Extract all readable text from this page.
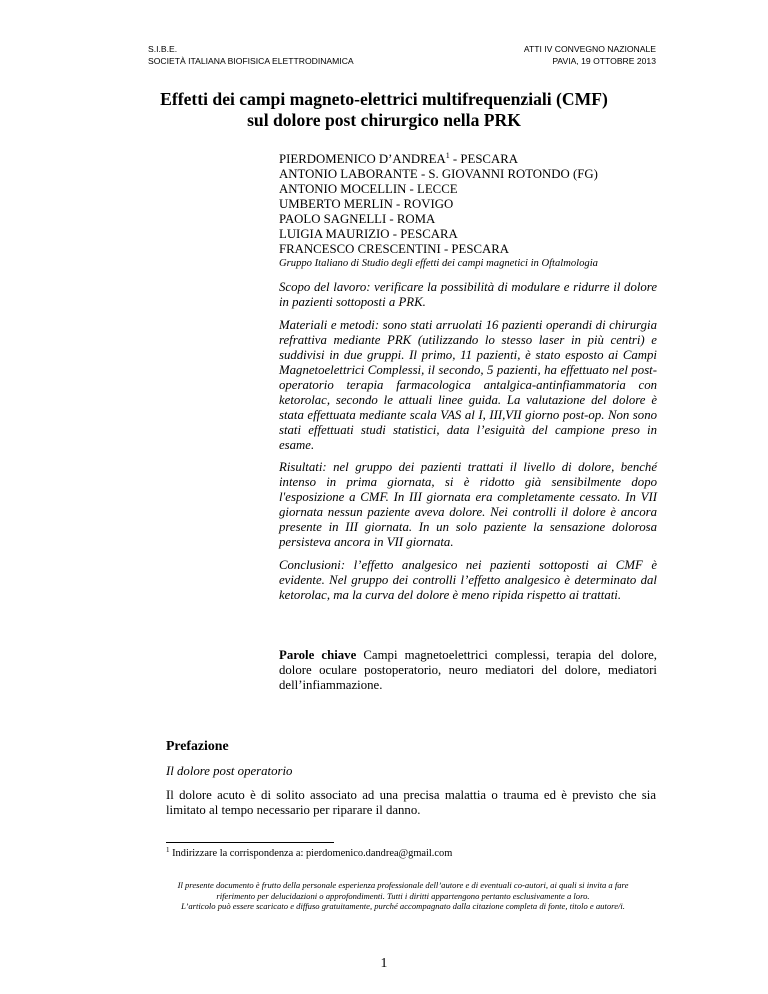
S.I.B.E.
SOCIETÀ ITALIANA BIOFISICA ELETTRODINAMICA
ATTI IV CONVEGNO NAZIONALE
PAVIA, 19 OTTOBRE 2013
Effetti dei campi magneto-elettrici multifrequenziali (CMF)
sul dolore post chirurgico nella PRK
PIERDOMENICO D’ANDREA$^1$ - PESCARA
ANTONIO LABORANTE - S. GIOVANNI ROTONDO (FG)
ANTONIO MOCELLIN - LECCE
UMBERTO MERLIN - ROVIGO
PAOLO SAGNELLI - ROMA
LUIGIA MAURIZIO - PESCARA
FRANCESCO CRESCENTINI - PESCARA
Gruppo Italiano di Studio degli effetti dei campi magnetici in Oftalmologia

Scopo del lavoro: verificare la possibilità di modulare e ridurre il dolore in pazienti sottoposti a PRK.

Materiali e metodi: sono stati arruolati 16 pazienti operandi di chirurgia refrattiva mediante PRK (utilizzando lo stesso laser in più centri) e suddivisi in due gruppi. Il primo, 11 pazienti, è stato esposto ai Campi Magnetoelettrici Complessi, il secondo, 5 pazienti, ha effettuato nel post-operatorio terapia farmacologica antalgica-antinfiammatoria con ketorolac, secondo le attuali linee guida. La valutazione del dolore è stata effettuata mediante scala VAS al I, III,VII giorno post-op. Non sono stati effettuati studi statistici, data l’esiguità del campione preso in esame.

Risultati: nel gruppo dei pazienti trattati il livello di dolore, benché intenso in prima giornata, si è ridotto già sensibilmente dopo l'esposizione a CMF. In III giornata era completamente cessato. In VII giornata nessun paziente aveva dolore. Nei controlli il dolore è ancora presente in III giornata. In un solo paziente la sensazione dolorosa persisteva ancora in VII giornata.

Conclusioni: l’effetto analgesico nei pazienti sottoposti ai CMF è evidente. Nel gruppo dei controlli l’effetto analgesico è determinato dal ketorolac, ma la curva del dolore è meno ripida rispetto ai trattati.

Parole chiave Campi magnetoelettrici complessi, terapia del dolore, dolore oculare postoperatorio, neuro mediatori del dolore, mediatori dell’infiammazione.
Prefazione
Il dolore post operatorio
Il dolore acuto è di solito associato ad una precisa malattia o trauma ed è previsto che sia limitato al tempo necessario per riparare il danno.
$^1$ Indirizzare la corrispondenza a: pierdomenico.dandrea@gmail.com
Il presente documento è frutto della personale esperienza professionale dell’autore e di eventuali co-autori, ai quali si invita a fare
riferimento per delucidazioni o approfondimenti. Tutti i diritti appartengono pertanto esclusivamente a loro.
L’articolo può essere scaricato e diffuso gratuitamente, purché accompagnato dalla citazione completa di fonte, titolo e autore/i.
1
